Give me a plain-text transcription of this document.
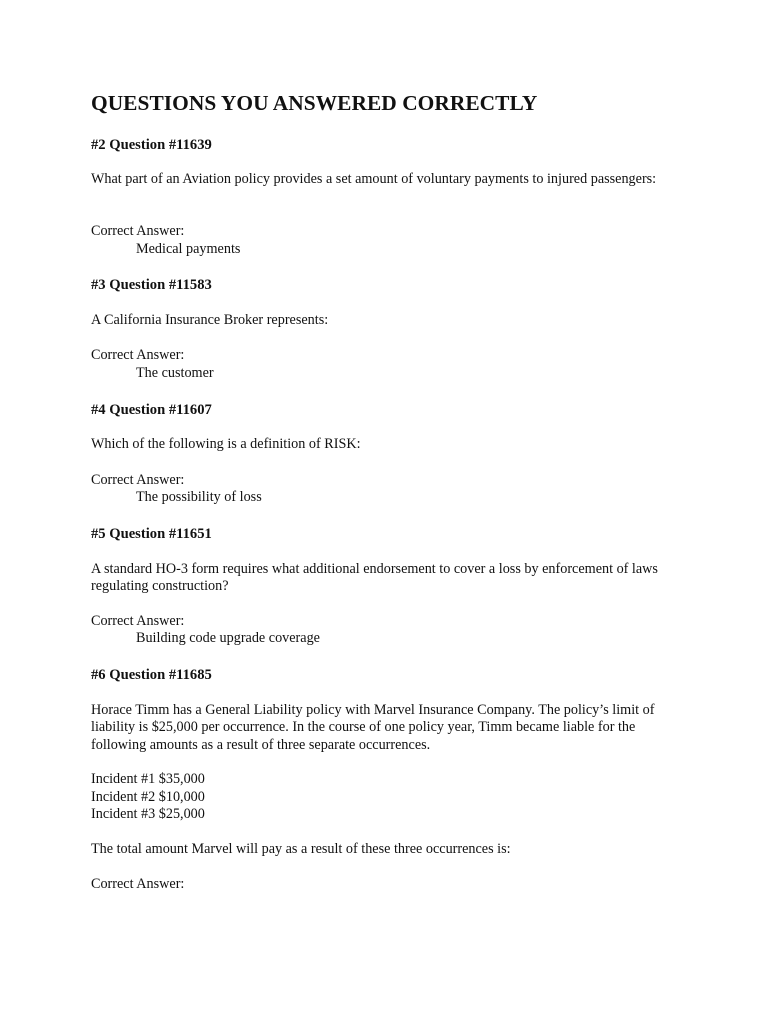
QUESTIONS YOU ANSWERED CORRECTLY
#2 Question #11639

What part of an Aviation policy provides a set amount of voluntary payments to injured passengers:

Correct Answer:

Medical payments

#3 Question #11583

A California Insurance Broker represents:

Correct Answer:

The customer

#4 Question #11607

Which of the following is a definition of RISK:

Correct Answer:

The possibility of loss

#5 Question #11651

A standard HO-3 form requires what additional endorsement to cover a loss by enforcement of laws regulating construction?

Correct Answer:

Building code upgrade coverage

#6 Question #11685

Horace Timm has a General Liability policy with Marvel Insurance Company. The policy’s limit of liability is $25,000 per occurrence. In the course of one policy year, Timm became liable for the following amounts as a result of three separate occurrences.

Incident #1 $35,000

Incident #2 $10,000

Incident #3 $25,000

The total amount Marvel will pay as a result of these three occurrences is:

Correct Answer:
